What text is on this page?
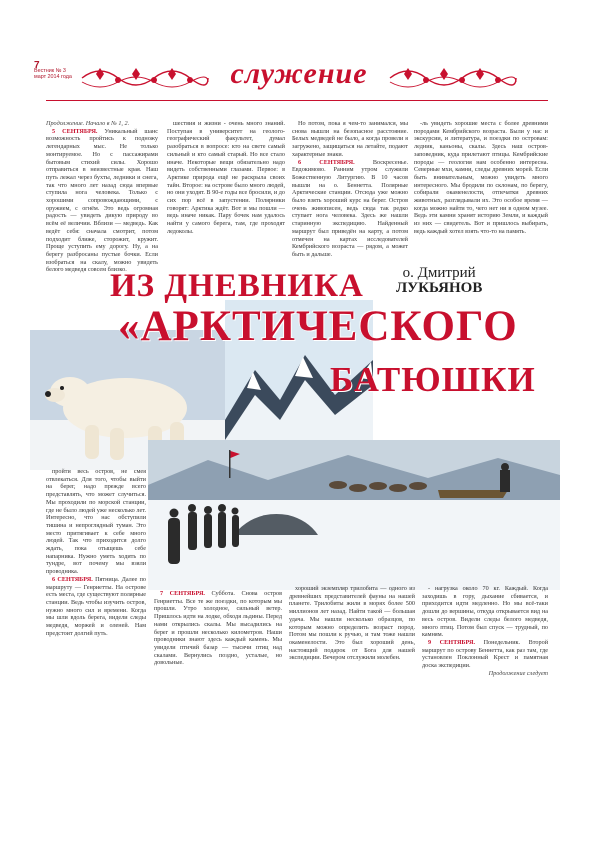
7
Вестник № 3
март 2014 года	служение

Продолжение. Начало в № 1, 2.

5 СЕНТЯБРЯ. Уникальный шанс возможность пройтись к подножу легендарных мыс. Не только монтируемое. Но с пассажирами бытовым стихий силы. Хорошо отправиться в неизвестные края. Наш путь лежал через бухты, ледники и снега, так что много лет назад сюда впервые ступила нога человека. Только с хорошими сопровождающими, с оружием, с огнём. Это ведь огромная радость — увидеть дикую природу во всём её величии. Вблизи — медведь. Как ведёт себя: сначала смотрит, потом подходит ближе, сторожит, кружит. Проще уступить ему дорогу. Ну, а на берегу разбросаны пустые бочки. Если взобраться на скалу, можно увидеть белого медведя совсем близко.

шествия и жизни - очень много знаний. Поступая в университет на геолого-географический факультет, думал разобраться в вопросе: кто на свете самый сильный и кто самый старый. Но все стало иначе. Некоторые вещи обязательно надо видеть собственными глазами. Первое: в Арктике природа ещё не раскрыла своих тайн. Второе: на острове было много людей, но они уходят. В 90-е годы все бросили, и до сих пор всё в запустении. Полярники говорят: Арктика ждёт. Вот и мы пошли — ведь иначе никак. Пару бочек нам удалось найти у самого берега, там, где проходят ледоколы.

Но потом, пока я чем-то занимался, мы снова вышли на безопасное расстояние. Белых медведей не было, а когда провели я загружено, защищаться на летайте, подают характерные знаки.

6 СЕНТЯБРЯ.	Воскресенье. Евдокимово. Ранним утром служили Божественную Литургию. В 10 часов вышли на о. Беннетта. Полярные Арктические станции. Отсюда уже можно было взять хороший курс на берег. Остров очень живописен, ведь сюда так редко ступает нога человека. Здесь же нашли старинную экспедицию. Найденный маршрут был приведён на карту, а потом отмечен на картах исследователей Кембрийского возраста — рядом, а может быть и дальше.

-ль увидеть хорошие места с более древними породами Кембрийского возраста. Были у нас и экскурсии, и литература, и поездки по островам: ледник, каньоны, скалы. Здесь наш остров-заповедник, куда прилетают птицы. Кембрийские породы — геология нам особенно интересна. Северные мхи, камни, следы древних морей. Если быть внимательным, можно увидеть много интересного. Мы бродили по склонам, по берегу, собирали окаменелости, отпечатки древних животных, разглядывали их. Это особое время — когда можно найти то, чего нет ни в одном музее. Ведь эти камни хранят историю Земли, и каждый из них — свидетель. Вот и пришлось выбирать, ведь каждый хотел взять что-то на память.

ИЗ ДНЕВНИКА
«АРКТИЧЕСКОГО
БАТЮШКИ
о. Дмитрий
ЛУКЬЯНОВ

пройти весь остров, не смея отвлекаться. Для того, чтобы выйти на берег, надо прежде всего представлять, что может случиться. Мы проходили по морской станции, где не было людей уже несколько лет. Интересно, что нас обступили тишина и непроглядный туман. Это место притягивает к себе много людей. Так что приходится долго ждать, пока отыщешь себе напарника. Нужно уметь ходить по тундре, вот почему мы взяли проводника.

6 СЕНТЯБРЯ. Пятница. Далее по маршруту — Генриетты. На острове есть места, где существуют полярные станции. Ведь чтобы изучить остров, нужно много сил и времени. Когда мы шли вдоль берега, видели следы медведя, моржей и оленей. Нам предстоит долгий путь.

7 СЕНТЯБРЯ. Суббота. Снова остров Генриетты. Все те же поездки, по которым мы прошли. Утро холодное, сильный ветер. Пришлось идти на лодке, обходя льдины. Перед нами открылись скалы. Мы высадились на берег и прошли несколько километров. Наши проводники знают здесь каждый камень. Мы увидели птичий базар — тысячи птиц над скалами. Вернулись поздно, усталые, но довольные.

хороший экземпляр трилобита — одного из древнейших представителей фауны на нашей планете. Трилобиты жили в морях более 500 миллионов лет назад. Найти такой — большая удача. Мы нашли несколько образцов, по которым можно определить возраст пород. Потом мы пошли к ручью, и там тоже нашли окаменелости. Это был хороший день, настоящий подарок от Бога для нашей экспедиции. Вечером отслужили молебен.

- нагрузка около 70 кг. Каждый. Когда заходишь в гору, дыхание сбивается, и приходится идти медленно. Но мы всё-таки дошли до вершины, откуда открывается вид на весь остров. Видели следы белого медведя, много птиц. Потом был спуск — трудный, по камням.

9 СЕНТЯБРЯ. Понедельник. Второй маршрут по острову Беннетта, как раз там, где установлен Поклонный Крест и памятная доска экспедиции.

Продолжение следует
